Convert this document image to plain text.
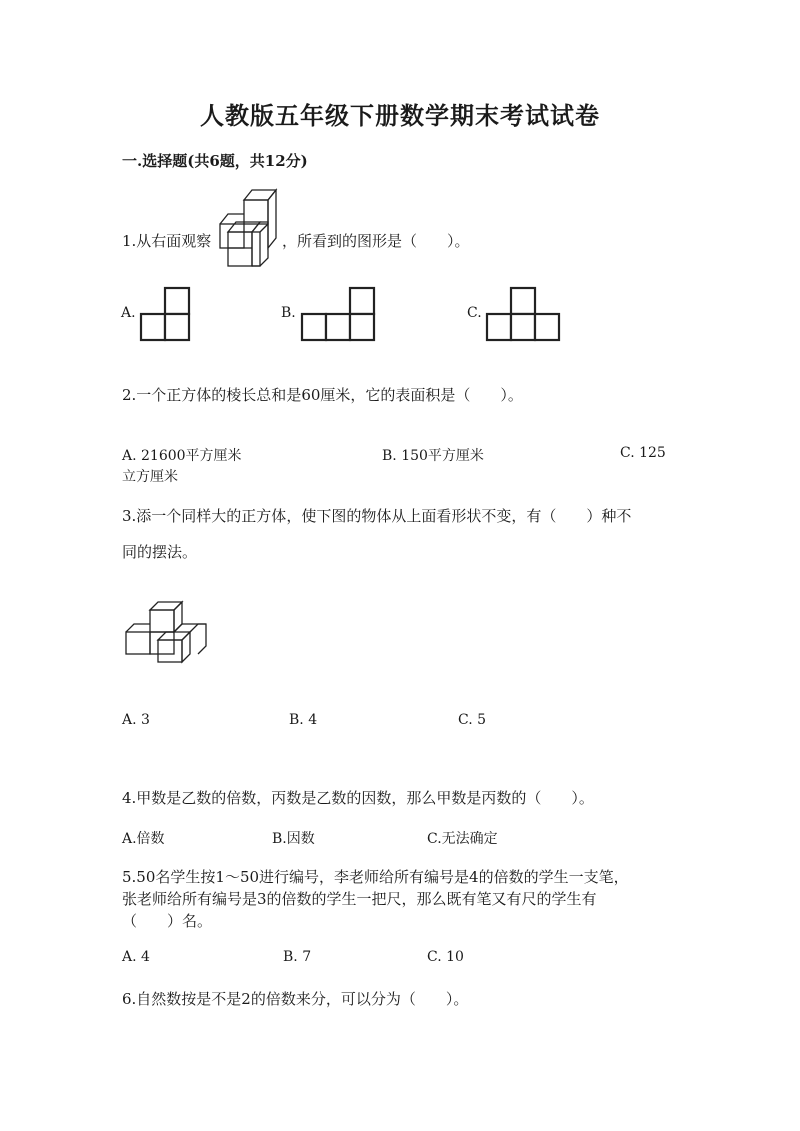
人教版五年级下册数学期末考试试卷
一.选择题(共6题，共12分)
1.从右面观察	，所看到的图形是（　　）。
A.	B.	C.
2.一个正方体的棱长总和是60厘米，它的表面积是（　　）。
A. 21600平方厘米	B. 150平方厘米	C. 125
立方厘米
3.添一个同样大的正方体，使下图的物体从上面看形状不变，有（　　）种不
同的摆法。
A. 3	B. 4	C. 5
4.甲数是乙数的倍数，丙数是乙数的因数，那么甲数是丙数的（　　）。
A.倍数	B.因数	C.无法确定
5.50名学生按1～50进行编号，李老师给所有编号是4的倍数的学生一支笔，
张老师给所有编号是3的倍数的学生一把尺，那么既有笔又有尺的学生有
（　　）名。
A. 4	B. 7	C. 10
6.自然数按是不是2的倍数来分，可以分为（　　）。
